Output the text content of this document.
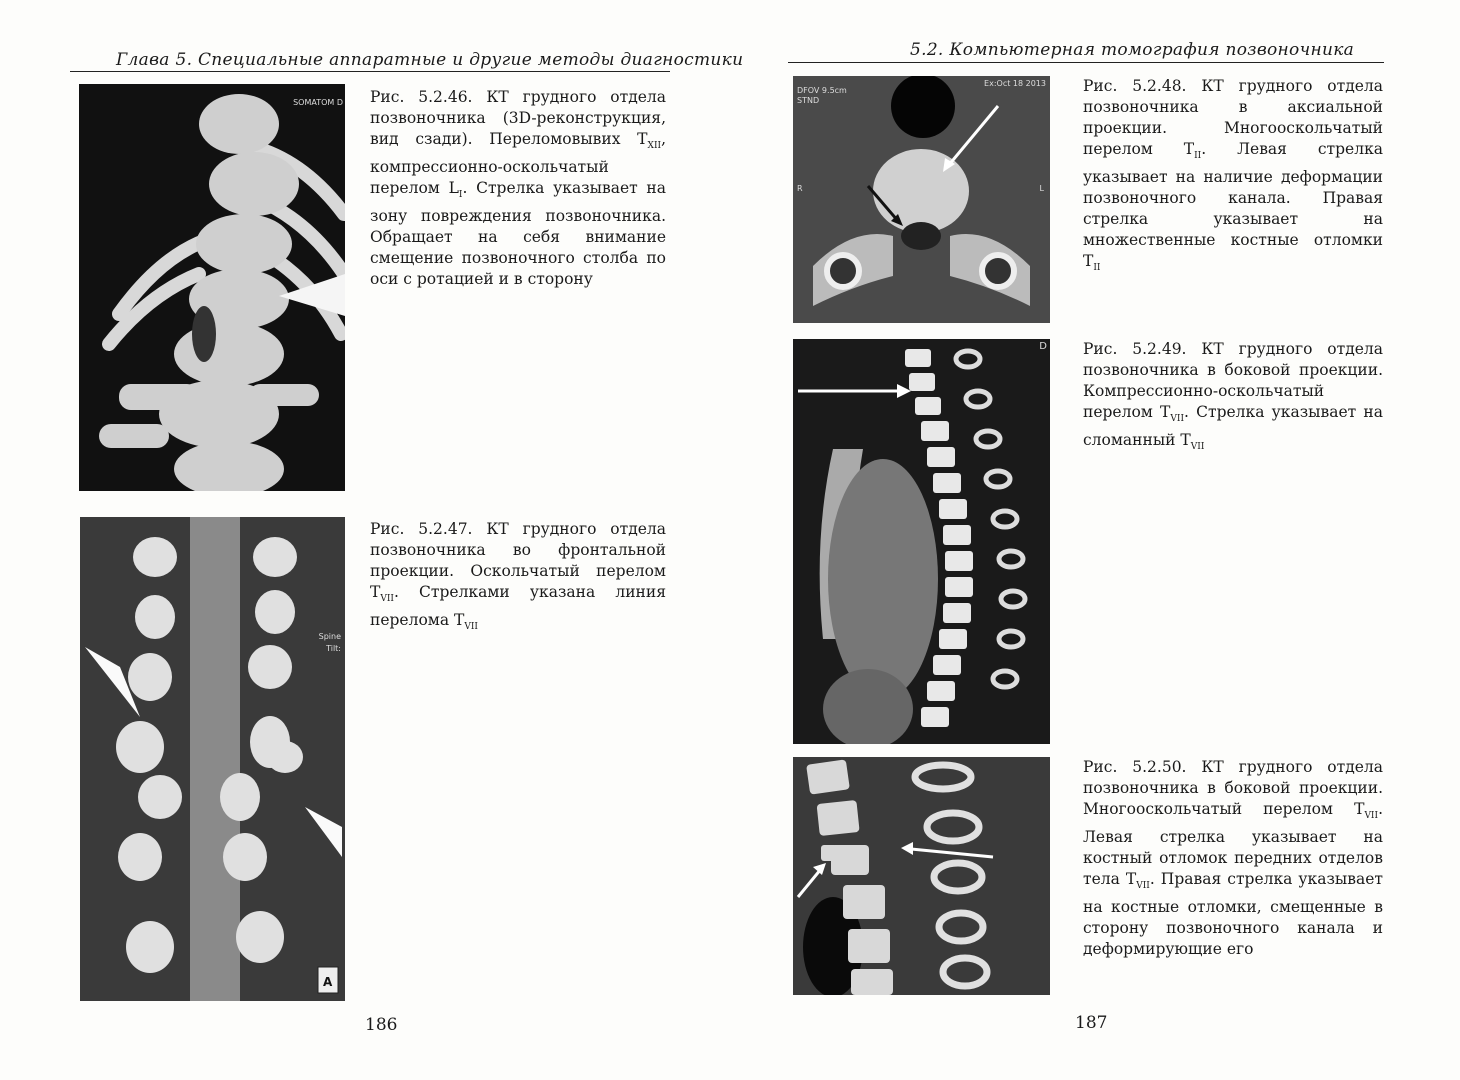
Глава 5. Специальные аппаратные и другие методы диагностики
SOMATOM D Рис. 5.2.46. КТ грудного отдела позвоночника (3D-реконструкция, вид сзади). Переломовывих $T_{XII}$, компрессионно-оскольчатый перелом $L_I$. Стрелка указывает на зону повреждения позвоночника. Обращает на себя внимание смещение позвоночного столба по оси с ротацией и в сторону
Spine
Tilt:
A
Рис. 5.2.47. КТ грудного отдела позвоночника во фронтальной проекции. Оскольчатый перелом $T_{VII}$. Стрелками указана линия перелома $T_{VII}$
186
5.2. Компьютерная томография позвоночника
DFOV 9.5cm
STND
Ex:Oct 18 2013
R	L
Рис. 5.2.48. КТ грудного отдела позвоночника в аксиальной проекции. Многооскольчатый перелом $T_{II}$. Левая стрелка указывает на наличие деформации позвоночного канала. Правая стрелка указывает на множественные костные отломки $T_{II}$
D Рис. 5.2.49. КТ грудного отдела позвоночника в боковой проекции. Компрессионно-оскольчатый перелом $T_{VII}$. Стрелка указывает на сломанный $T_{VII}$
Рис. 5.2.50. КТ грудного отдела позвоночника в боковой проекции. Многооскольчатый перелом $T_{VII}$. Левая стрелка указывает на костный отломок передних отделов тела $T_{VII}$. Правая стрелка указывает на костные отломки, смещенные в сторону позвоночного канала и деформирующие его
187
